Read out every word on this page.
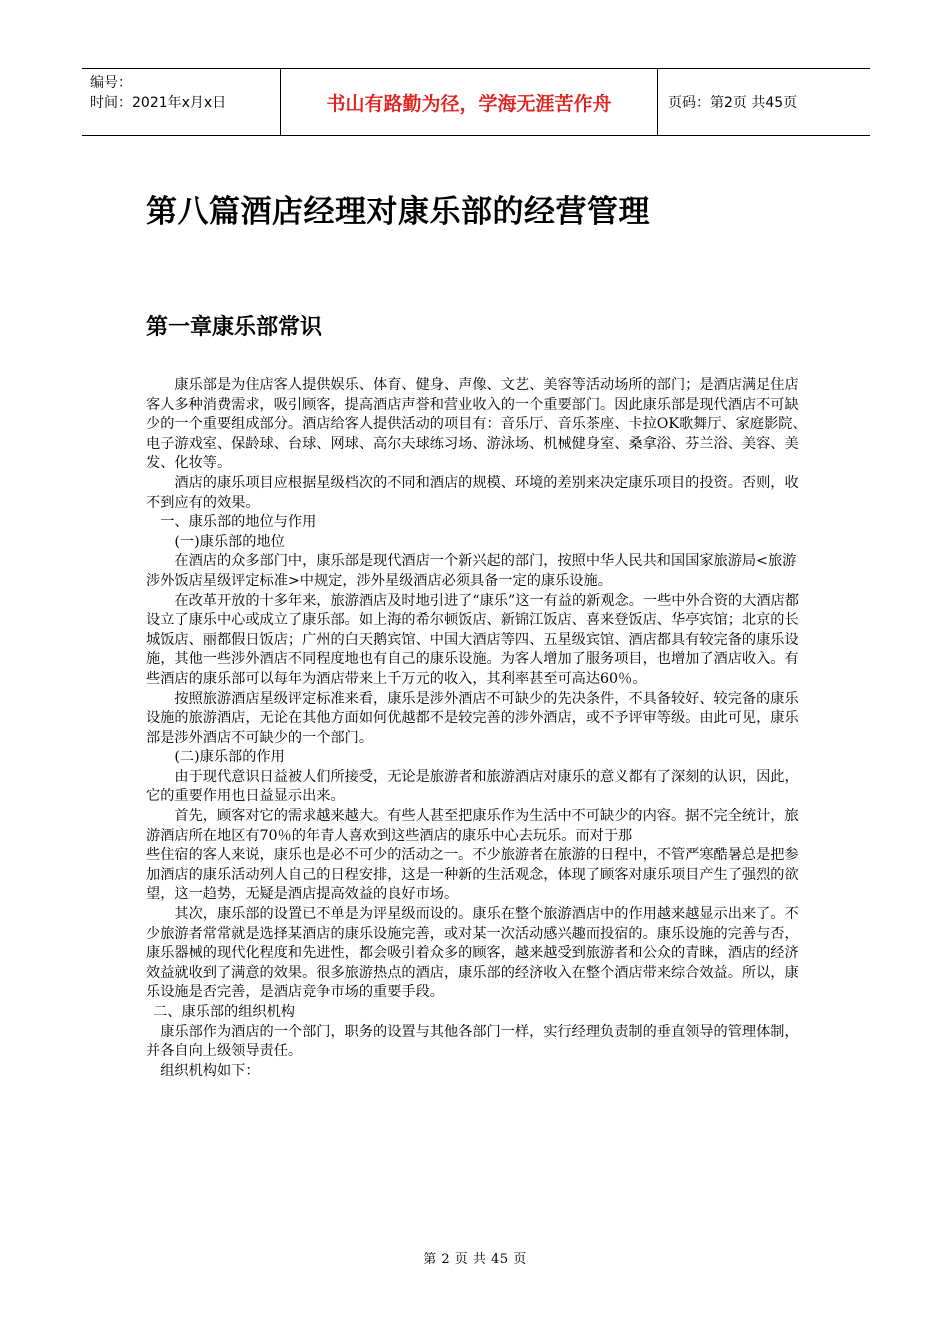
编号：
时间：2021年x月x日	书山有路勤为径，学海无涯苦作舟	页码：第2页 共45页
第八篇酒店经理对康乐部的经营管理
第一章康乐部常识

康乐部是为住店客人提供娱乐、体育、健身、声像、文艺、美容等活动场所的部门；是酒店满足住店客人多种消费需求，吸引顾客，提高酒店声誉和营业收入的一个重要部门。因此康乐部是现代酒店不可缺少的一个重要组成部分。酒店给客人提供活动的项目有：音乐厅、音乐茶座、卡拉OK歌舞厅、家庭影院、电子游戏室、保龄球、台球、网球、高尔夫球练习场、游泳场、机械健身室、桑拿浴、芬兰浴、美容、美发、化妆等。

酒店的康乐项目应根据星级档次的不同和酒店的规模、环境的差别来决定康乐项目的投资。否则，收不到应有的效果。

一、康乐部的地位与作用

(一)康乐部的地位

在酒店的众多部门中，康乐部是现代酒店一个新兴起的部门，按照中华人民共和国国家旅游局<旅游涉外饭店星级评定标准>中规定，涉外星级酒店必须具备一定的康乐设施。

在改革开放的十多年来，旅游酒店及时地引进了“康乐”这一有益的新观念。一些中外合资的大酒店都设立了康乐中心或成立了康乐部。如上海的希尔顿饭店、新锦江饭店、喜来登饭店、华亭宾馆；北京的长城饭店、丽都假日饭店；广州的白天鹅宾馆、中国大酒店等四、五星级宾馆、酒店都具有较完备的康乐设施，其他一些涉外酒店不同程度地也有自己的康乐设施。为客人增加了服务项目，也增加了酒店收入。有些酒店的康乐部可以每年为酒店带来上千万元的收入，其利率甚至可高达60％。

按照旅游酒店星级评定标准来看，康乐是涉外酒店不可缺少的先决条件，不具备较好、较完备的康乐设施的旅游酒店，无论在其他方面如何优越都不是较完善的涉外酒店，或不予评审等级。由此可见，康乐部是涉外酒店不可缺少的一个部门。

(二)康乐部的作用

由于现代意识日益被人们所接受，无论是旅游者和旅游酒店对康乐的意义都有了深刻的认识，因此，它的重要作用也日益显示出来。

首先，顾客对它的需求越来越大。有些人甚至把康乐作为生活中不可缺少的内容。据不完全统计，旅游酒店所在地区有70％的年青人喜欢到这些酒店的康乐中心去玩乐。而对于那

些住宿的客人来说，康乐也是必不可少的活动之一。不少旅游者在旅游的日程中，不管严寒酷暑总是把参加酒店的康乐活动列人自己的日程安排，这是一种新的生活观念，体现了顾客对康乐项目产生了强烈的欲望，这一趋势，无疑是酒店提高效益的良好市场。

其次，康乐部的设置已不单是为评星级而设的。康乐在整个旅游酒店中的作用越来越显示出来了。不少旅游者常常就是选择某酒店的康乐设施完善，或对某一次活动感兴趣而投宿的。康乐设施的完善与否，康乐器械的现代化程度和先进性，都会吸引着众多的顾客，越来越受到旅游者和公众的青睐，酒店的经济效益就收到了满意的效果。很多旅游热点的酒店，康乐部的经济收入在整个酒店带来综合效益。所以，康乐设施是否完善，是酒店竞争市场的重要手段。

二、康乐部的组织机构

康乐部作为酒店的一个部门，职务的设置与其他各部门一样，实行经理负责制的垂直领导的管理体制，并各自向上级领导责任。

组织机构如下：

第 2 页 共 45 页
